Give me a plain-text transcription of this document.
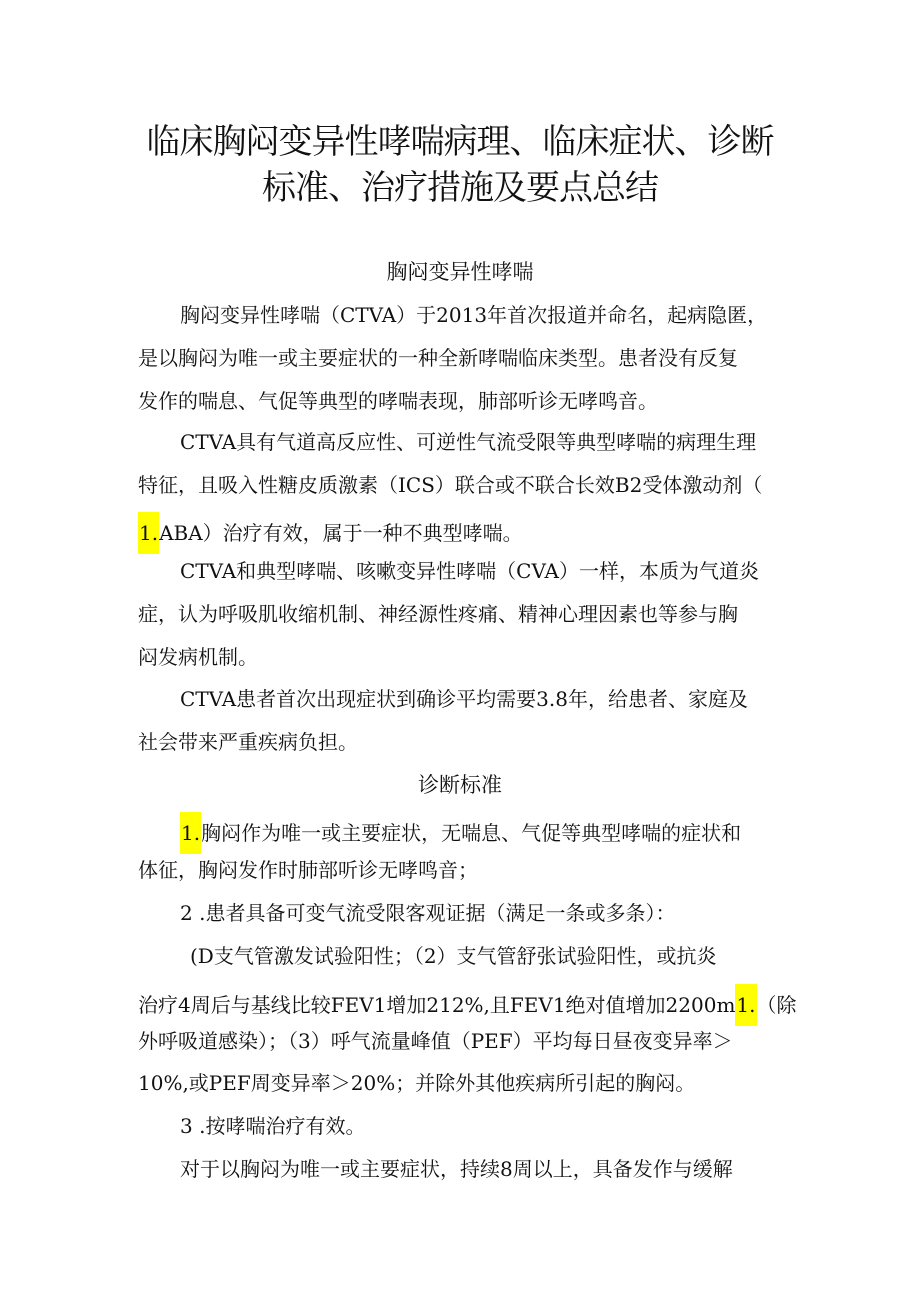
临床胸闷变异性哮喘病理、临床症状、诊断
标准、治疗措施及要点总结
胸闷变异性哮喘
胸闷变异性哮喘（CTVA）于2013年首次报道并命名，起病隐匿，
是以胸闷为唯一或主要症状的一种全新哮喘临床类型。患者没有反复
发作的喘息、气促等典型的哮喘表现，肺部听诊无哮鸣音。
CTVA具有气道高反应性、可逆性气流受限等典型哮喘的病理生理
特征，且吸入性糖皮质激素（ICS）联合或不联合长效B2受体激动剂（
1.ABA）治疗有效，属于一种不典型哮喘。
CTVA和典型哮喘、咳嗽变异性哮喘（CVA）一样，本质为气道炎
症，认为呼吸肌收缩机制、神经源性疼痛、精神心理因素也等参与胸
闷发病机制。
CTVA患者首次出现症状到确诊平均需要3.8年，给患者、家庭及
社会带来严重疾病负担。
诊断标准
1.胸闷作为唯一或主要症状，无喘息、气促等典型哮喘的症状和
体征，胸闷发作时肺部听诊无哮鸣音；
2 .患者具备可变气流受限客观证据（满足一条或多条）：
(D支气管激发试验阳性；（2）支气管舒张试验阳性，或抗炎
治疗4周后与基线比较FEV1增加212%,且FEV1绝对值增加2200m1.（除
外呼吸道感染）；（3）呼气流量峰值（PEF）平均每日昼夜变异率＞
10%,或PEF周变异率＞20%；并除外其他疾病所引起的胸闷。
3 .按哮喘治疗有效。
对于以胸闷为唯一或主要症状，持续8周以上，具备发作与缓解
